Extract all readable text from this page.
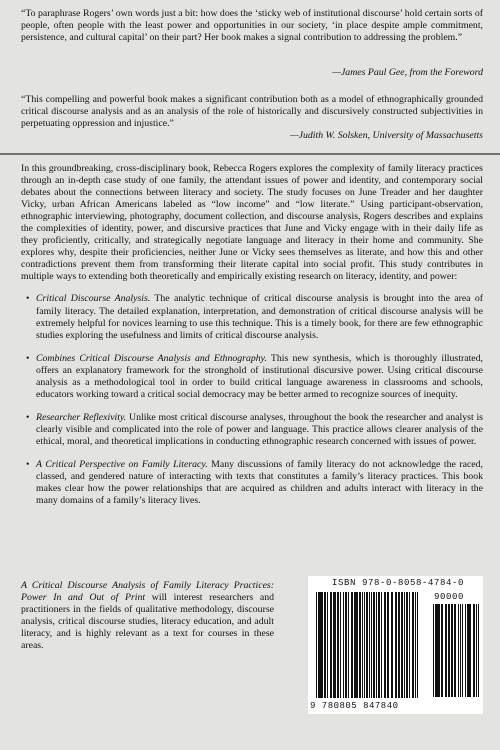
“To paraphrase Rogers’ own words just a bit: how does the ‘sticky web of institutional discourse’ hold certain sorts of people, often people with the least power and opportunities in our society, ‘in place despite ample commitment, persistence, and cultural capital’ on their part? Her book makes a signal contribution to addressing the problem.”

—James Paul Gee, from the Foreword

“This compelling and powerful book makes a significant contribution both as a model of ethnographically grounded critical discourse analysis and as an analysis of the role of historically and discursively constructed subjectivities in perpetuating oppression and injustice.”

—Judith W. Solsken, University of Massachusetts

In this groundbreaking, cross-disciplinary book, Rebecca Rogers explores the complexity of family literacy practices through an in-depth case study of one family, the attendant issues of power and identity, and contemporary social debates about the connections between literacy and society. The study focuses on June Treader and her daughter Vicky, urban African Americans labeled as “low income” and “low literate.” Using participant-observation, ethnographic interviewing, photography, document collection, and discourse analysis, Rogers describes and explains the complexities of identity, power, and discursive practices that June and Vicky engage with in their daily life as they proficiently, critically, and strategically negotiate language and literacy in their home and community. She explores why, despite their proficiencies, neither June or Vicky sees themselves as literate, and how this and other contradictions prevent them from transforming their literate capital into social profit. This study contributes in multiple ways to extending both theoretically and empirically existing research on literacy, identity, and power:

• Critical Discourse Analysis. The analytic technique of critical discourse analysis is brought into the area of family literacy. The detailed explanation, interpretation, and demonstration of critical discourse analysis will be extremely helpful for novices learning to use this technique. This is a timely book, for there are few ethnographic studies exploring the usefulness and limits of critical discourse analysis.
• Combines Critical Discourse Analysis and Ethnography. This new synthesis, which is thoroughly illustrated, offers an explanatory framework for the stronghold of institutional discursive power. Using critical discourse analysis as a methodological tool in order to build critical language awareness in classrooms and schools, educators working toward a critical social democracy may be better armed to recognize sources of inequity.
• Researcher Reflexivity. Unlike most critical discourse analyses, throughout the book the researcher and analyst is clearly visible and complicated into the role of power and language. This practice allows clearer analysis of the ethical, moral, and theoretical implications in conducting ethnographic research concerned with issues of power.
• A Critical Perspective on Family Literacy. Many discussions of family literacy do not acknowledge the raced, classed, and gendered nature of interacting with texts that constitutes a family’s literacy practices. This book makes clear how the power relationships that are acquired as children and adults interact with literacy in the many domains of a family’s literacy lives.

A Critical Discourse Analysis of Family Literacy Practices: Power In and Out of Print will interest researchers and practitioners in the fields of qualitative methodology, discourse analysis, critical discourse studies, literacy education, and adult literacy, and is highly relevant as a text for courses in these areas.

ISBN 978-0-8058-4784-0
90000
9 780805 847840
